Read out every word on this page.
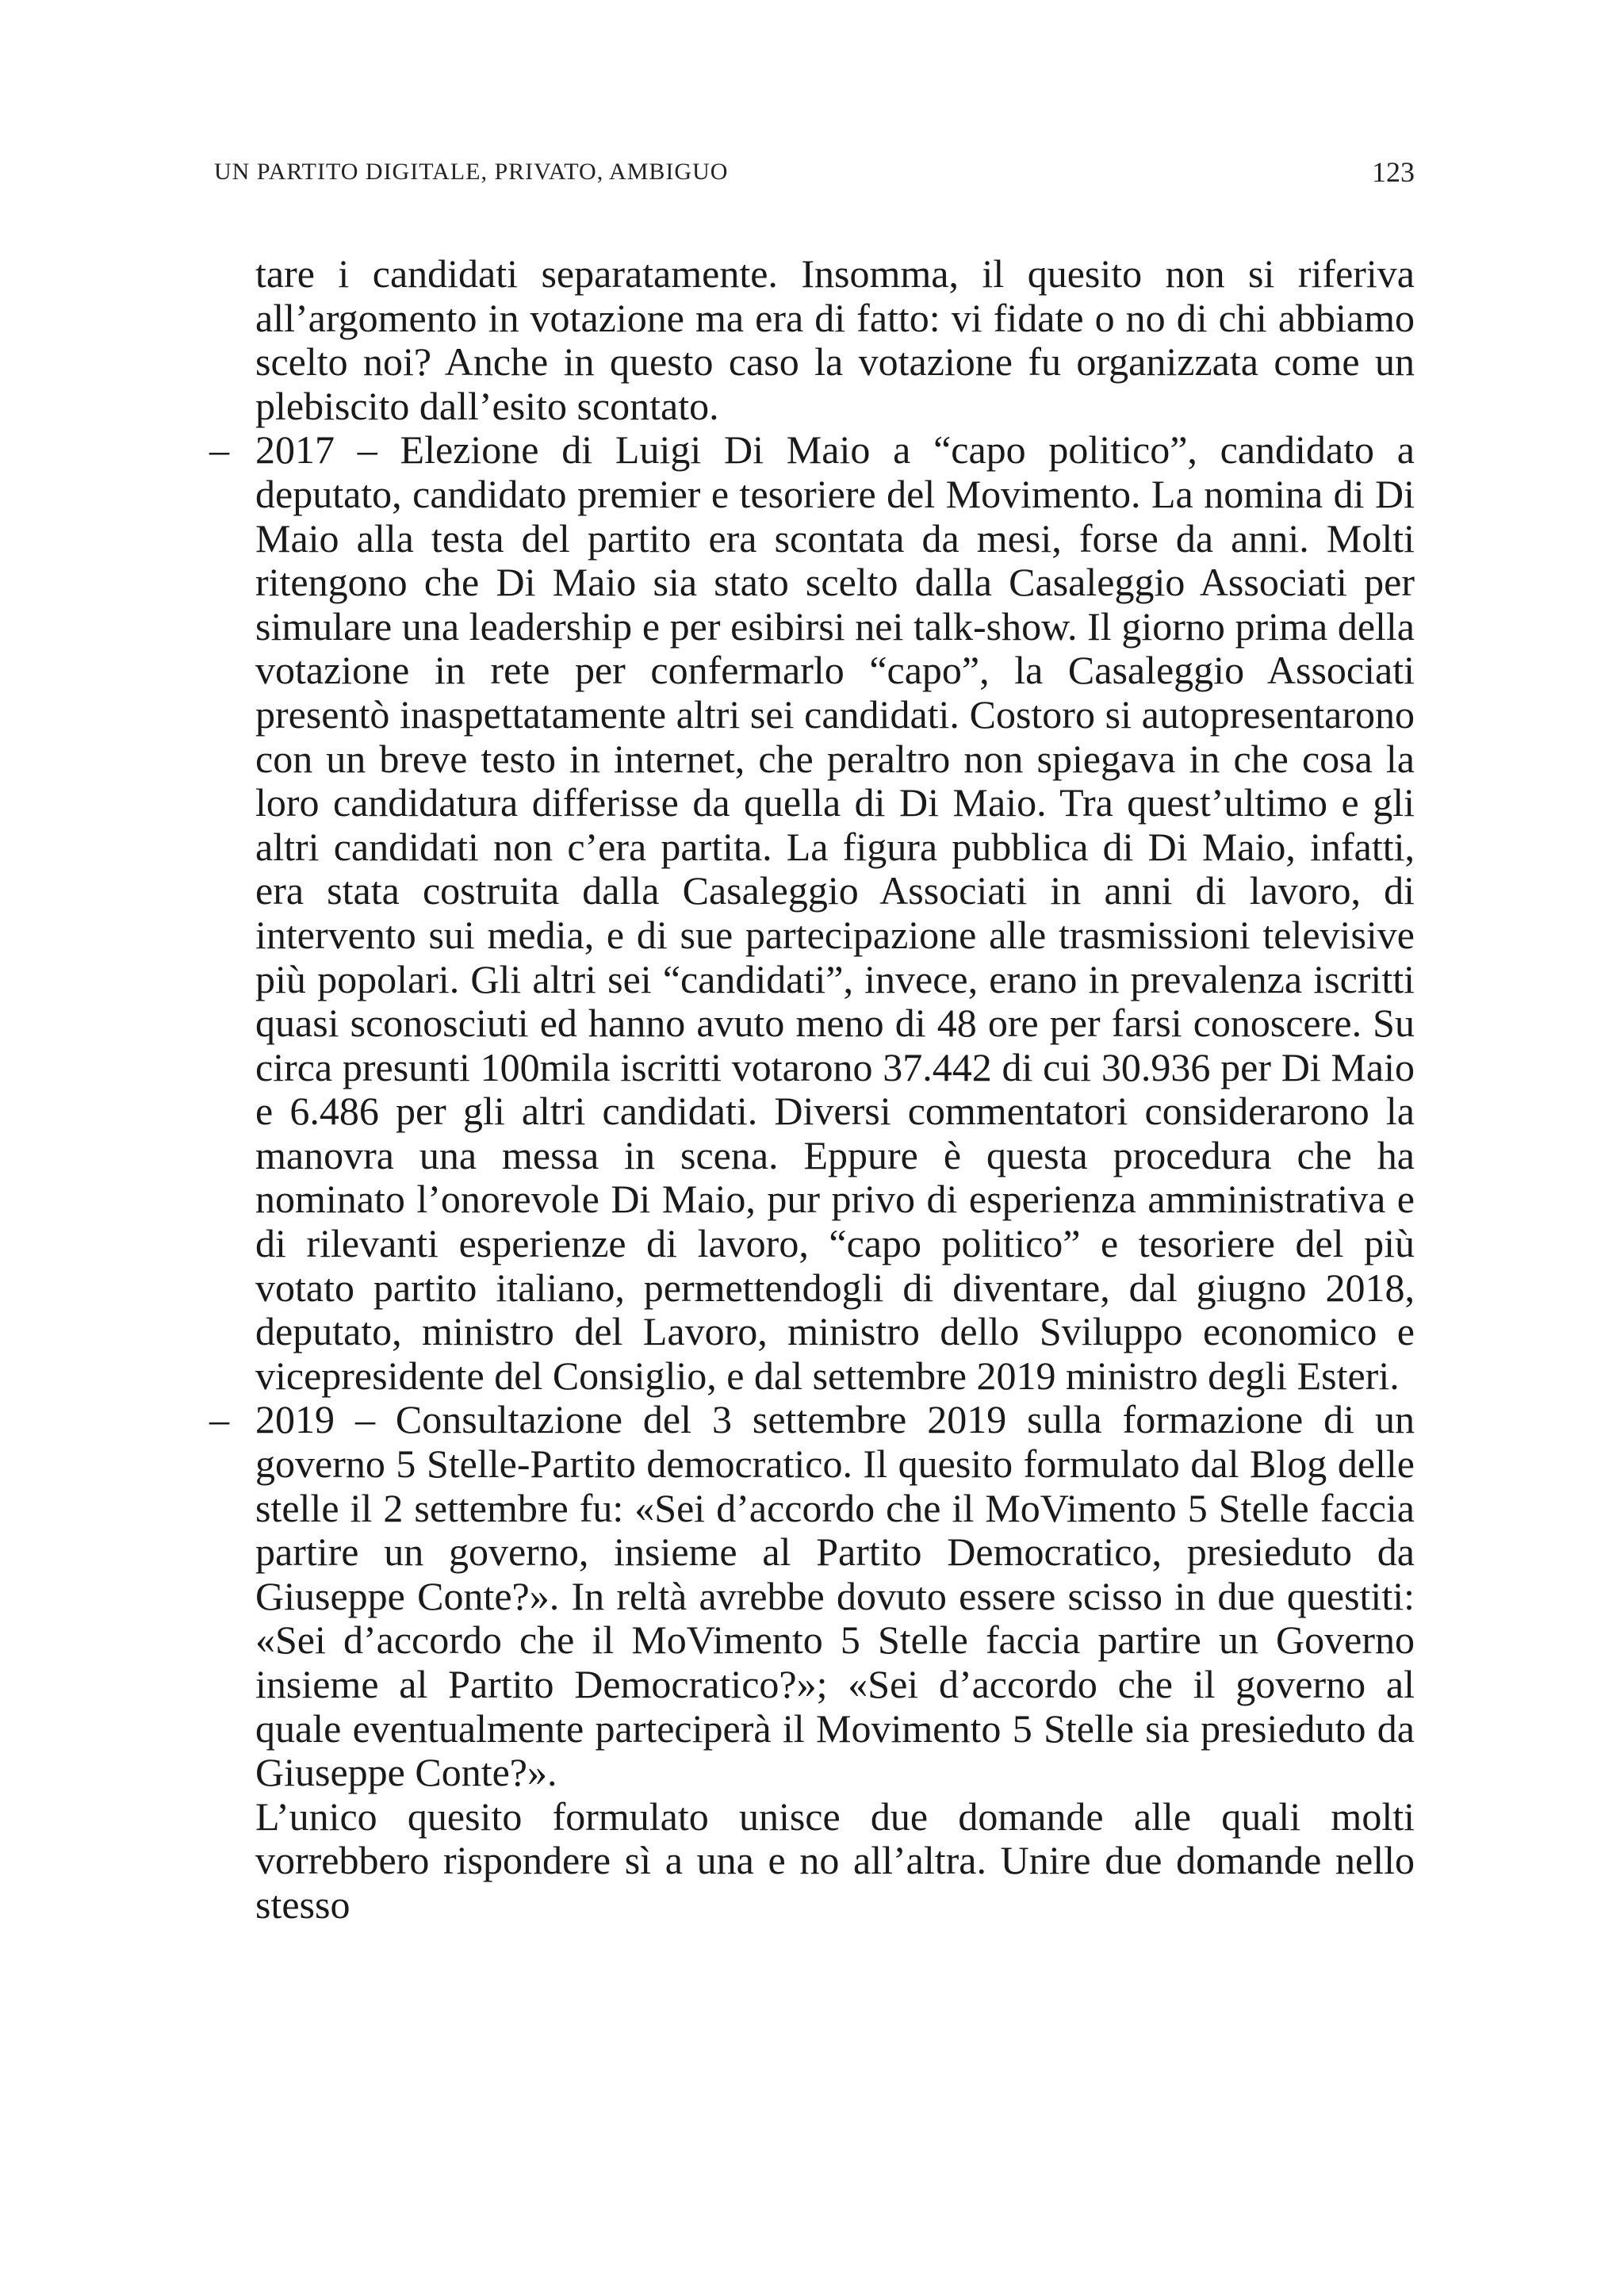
UN PARTITO DIGITALE, PRIVATO, AMBIGUO	123

tare i candidati separatamente. Insomma, il quesito non si riferiva all’argomento in votazione ma era di fatto: vi fidate o no di chi abbiamo scelto noi? Anche in questo caso la votazione fu organizzata come un plebiscito dall’esito scontato.

– 2017 – Elezione di Luigi Di Maio a “capo politico”, candidato a deputato, candidato premier e tesoriere del Movimento. La nomina di Di Maio alla testa del partito era scontata da mesi, forse da anni. Molti ritengono che Di Maio sia stato scelto dalla Casaleggio Associati per simulare una leadership e per esibirsi nei talk-show. Il giorno prima della votazione in rete per confermarlo “capo”, la Casaleggio Associati presentò inaspettatamente altri sei candidati. Costoro si autopresentarono con un breve testo in internet, che peraltro non spiegava in che cosa la loro candidatura differisse da quella di Di Maio. Tra quest’ultimo e gli altri candidati non c’era partita. La figura pubblica di Di Maio, infatti, era stata costruita dalla Casaleggio Associati in anni di lavoro, di intervento sui media, e di sue partecipazione alle trasmissioni televisive più popolari. Gli altri sei “candidati”, invece, erano in prevalenza iscritti quasi sconosciuti ed hanno avuto meno di 48 ore per farsi conoscere. Su circa presunti 100mila iscritti votarono 37.442 di cui 30.936 per Di Maio e 6.486 per gli altri candidati. Diversi commentatori considerarono la manovra una messa in scena. Eppure è questa procedura che ha nominato l’onorevole Di Maio, pur privo di esperienza amministrativa e di rilevanti esperienze di lavoro, “capo politico” e tesoriere del più votato partito italiano, permettendogli di diventare, dal giugno 2018, deputato, ministro del Lavoro, ministro dello Sviluppo economico e vicepresidente del Consiglio, e dal settembre 2019 ministro degli Esteri.
– 2019 – Consultazione del 3 settembre 2019 sulla formazione di un governo 5 Stelle-Partito democratico. Il quesito formulato dal Blog delle stelle il 2 settembre fu: «Sei d’accordo che il MoVimento 5 Stelle faccia partire un governo, insieme al Partito Democratico, presieduto da Giuseppe Conte?». In reltà avrebbe dovuto essere scisso in due questiti: «Sei d’accordo che il MoVimento 5 Stelle faccia partire un Governo insieme al Partito Democratico?»; «Sei d’accordo che il governo al quale eventualmente parteciperà il Movimento 5 Stelle sia presieduto da Giuseppe Conte?».

L’unico quesito formulato unisce due domande alle quali molti vorrebbero rispondere sì a una e no all’altra. Unire due domande nello stesso
